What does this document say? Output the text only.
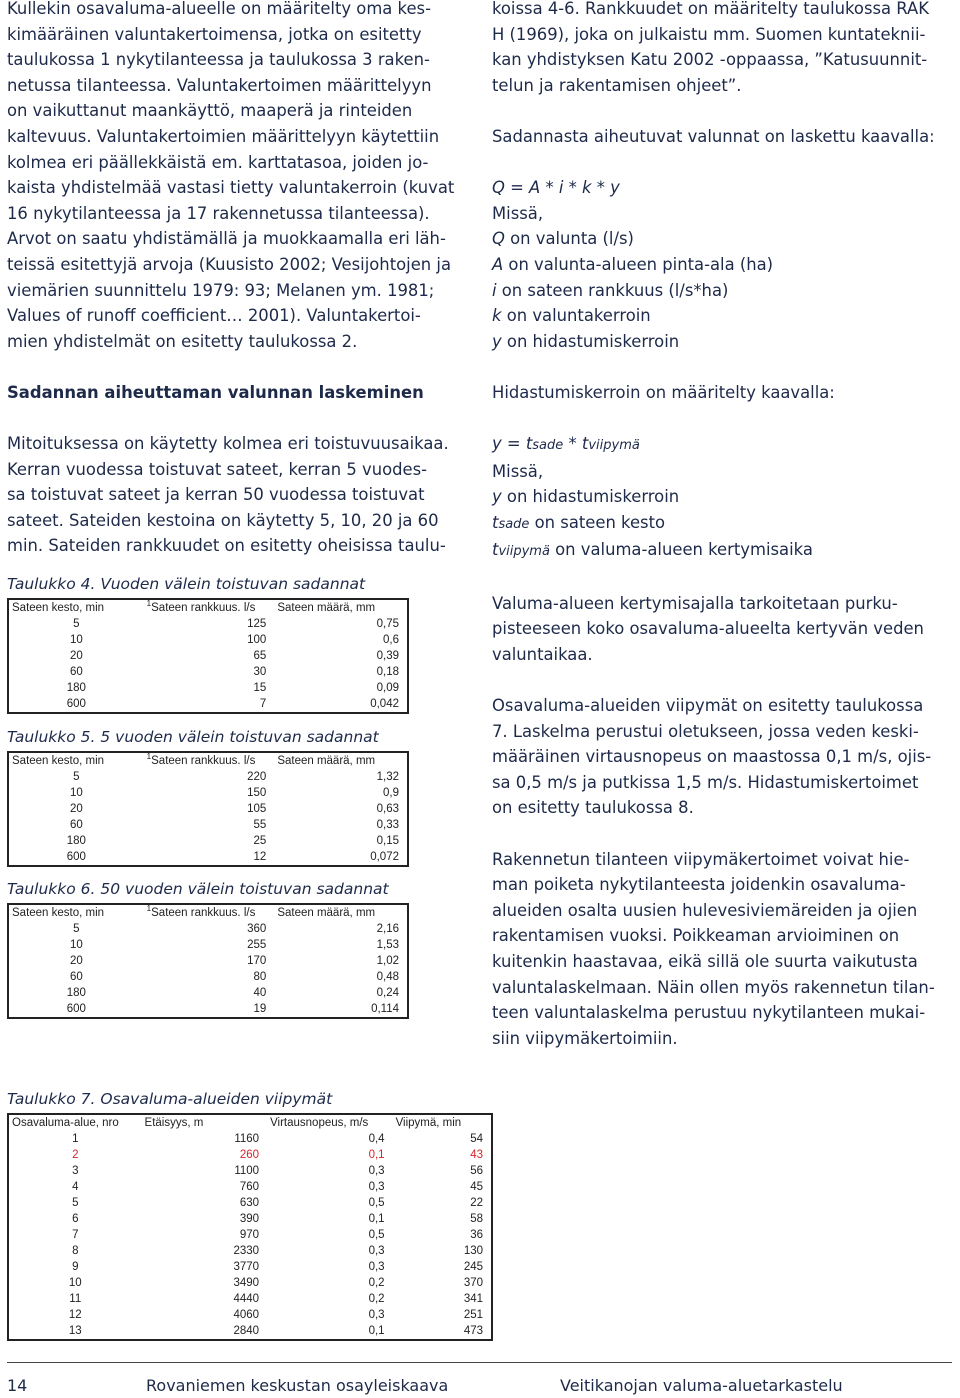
Kullekin osavaluma-alueelle on määritelty oma kes-
kimääräinen valuntakertoimensa, jotka on esitetty
taulukossa 1 nykytilanteessa ja taulukossa 3 raken-
netussa tilanteessa. Valuntakertoimen määrittelyyn
on vaikuttanut maankäyttö, maaperä ja rinteiden
kaltevuus. Valuntakertoimien määrittelyyn käytettiin
kolmea eri päällekkäistä em. karttatasoa, joiden jo-
kaista yhdistelmää vastasi tietty valuntakerroin (kuvat
16 nykytilanteessa ja 17 rakennetussa tilanteessa).
Arvot on saatu yhdistämällä ja muokkaamalla eri läh-
teissä esitettyjä arvoja (Kuusisto 2002; Vesijohtojen ja
viemärien suunnittelu 1979: 93; Melanen ym. 1981;
Values of runoff coefficient… 2001). Valuntakertoi-
mien yhdistelmät on esitetty taulukossa 2.

Sadannan aiheuttaman valunnan laskeminen

Mitoituksessa on käytetty kolmea eri toistuvuusaikaa.
Kerran vuodessa toistuvat sateet, kerran 5 vuodes-
sa toistuvat sateet ja kerran 50 vuodessa toistuvat
sateet. Sateiden kestoina on käytetty 5, 10, 20 ja 60
min. Sateiden rankkuudet on esitetty oheisissa taulu-

koissa 4-6. Rankkuudet on määritelty taulukossa RAK
H (1969), joka on julkaistu mm. Suomen kuntateknii-
kan yhdistyksen Katu 2002 -oppaassa, ”Katusuunnit-
telun ja rakentamisen ohjeet”.

Sadannasta aiheutuvat valunnat on laskettu kaavalla:

Q = A * i * k * y

Missä,

Q on valunta (l/s)

A on valunta-alueen pinta-ala (ha)

i on sateen rankkuus (l/s*ha)

k on valuntakerroin

y on hidastumiskerroin

Hidastumiskerroin on määritelty kaavalla:

y = tsade * tviipymä

Missä,

y on hidastumiskerroin

tsade on sateen kesto

tviipymä on valuma-alueen kertymisaika

Valuma-alueen kertymisajalla tarkoitetaan purku-
pisteeseen koko osavaluma-alueelta kertyvän veden
valuntaikaa.

Osavaluma-alueiden viipymät on esitetty taulukossa
7. Laskelma perustui oletukseen, jossa veden keski-
määräinen virtausnopeus on maastossa 0,1 m/s, ojis-
sa 0,5 m/s ja putkissa 1,5 m/s. Hidastumiskertoimet
on esitetty taulukossa 8.

Rakennetun tilanteen viipymäkertoimet voivat hie-
man poiketa nykytilanteesta joidenkin osavaluma-
alueiden osalta uusien hulevesiviemäreiden ja ojien
rakentamisen vuoksi. Poikkeaman arvioiminen on
kuitenkin haastavaa, eikä sillä ole suurta vaikutusta
valuntalaskelmaan. Näin ollen myös rakennetun tilan-
teen valuntalaskelma perustuu nykytilanteen mukai-
siin viipymäkertoimiin.

Taulukko 4. Vuoden välein toistuvan sadannat
Sateen kesto, min	$^1$Sateen rankkuus. l/s	Sateen määrä, mm
5	125	0,75
10	100	0,6
20	65	0,39
60	30	0,18
180	15	0,09
600	7	0,042
Taulukko 5. 5 vuoden välein toistuvan sadannat
Sateen kesto, min	$^1$Sateen rankkuus. l/s	Sateen määrä, mm
5	220	1,32
10	150	0,9
20	105	0,63
60	55	0,33
180	25	0,15
600	12	0,072
Taulukko 6. 50 vuoden välein toistuvan sadannat
Sateen kesto, min	$^1$Sateen rankkuus. l/s	Sateen määrä, mm
5	360	2,16
10	255	1,53
20	170	1,02
60	80	0,48
180	40	0,24
600	19	0,114
Taulukko 7. Osavaluma-alueiden viipymät
Osavaluma-alue, nro	Etäisyys, m	Virtausnopeus, m/s	Viipymä, min
1	1160	0,4	54
2	260	0,1	43
3	1100	0,3	56
4	760	0,3	45
5	630	0,5	22
6	390	0,1	58
7	970	0,5	36
8	2330	0,3	130
9	3770	0,3	245
10	3490	0,2	370
11	4440	0,2	341
12	4060	0,3	251
13	2840	0,1	473
14	Rovaniemen keskustan osayleiskaava	Veitikanojan valuma-aluetarkastelu
